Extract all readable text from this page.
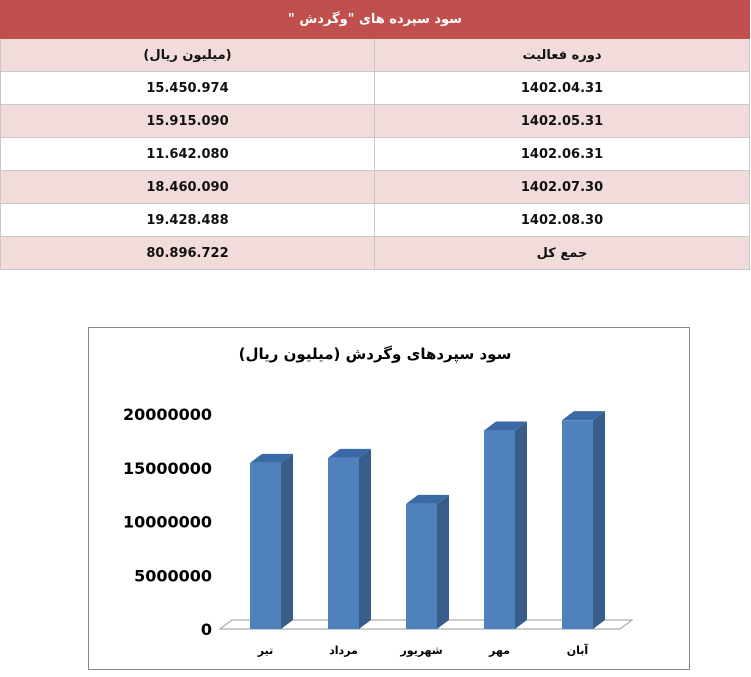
سود سپرده های "وگردش "	
(میلیون ریال)	دوره فعالیت
15.450.974	1402.04.31
15.915.090	1402.05.31
11.642.080	1402.06.31
18.460.090	1402.07.30
19.428.488	1402.08.30
80.896.722	جمع کل
سود سپردهای وگردش (میلیون ریال)
20000000
15000000
10000000
5000000
0
تیر	مرداد	شهریور	مهر	آبان
